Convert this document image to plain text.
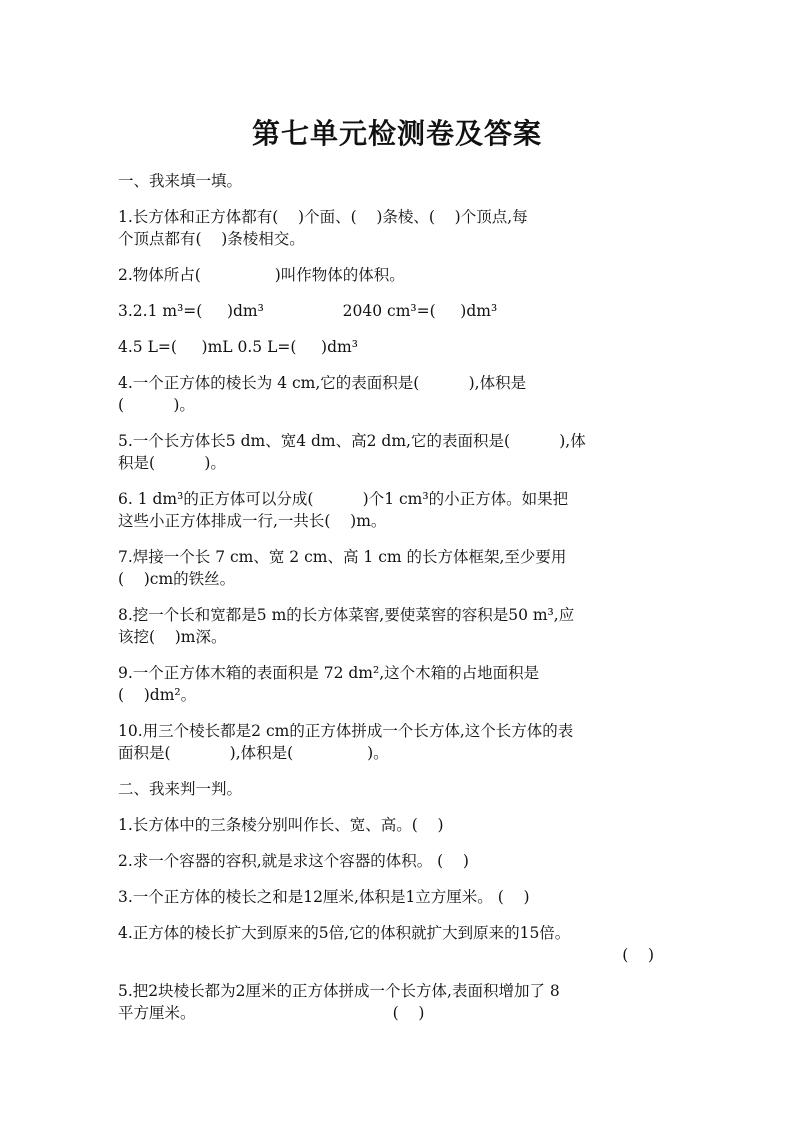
第七单元检测卷及答案

一、我来填一填。

1.长方体和正方体都有(    )个面、(    )条棱、(    )个顶点,每

个顶点都有(    )条棱相交。

2.物体所占(               )叫作物体的体积。

3.2.1 m³=(     )dm³                2040 cm³=(     )dm³

4.5 L=(     )mL 0.5 L=(     )dm³

4.一个正方体的棱长为 4 cm,它的表面积是(          ),体积是

(          )。

5.一个长方体长5 dm、宽4 dm、高2 dm,它的表面积是(          ),体

积是(          )。

6. 1 dm³的正方体可以分成(          )个1 cm³的小正方体。如果把

这些小正方体排成一行,一共长(    )m。

7.焊接一个长 7 cm、宽 2 cm、高 1 cm 的长方体框架,至少要用

(    )cm的铁丝。

8.挖一个长和宽都是5 m的长方体菜窖,要使菜窖的容积是50 m³,应

该挖(    )m深。

9.一个正方体木箱的表面积是 72 dm²,这个木箱的占地面积是

(    )dm²。

10.用三个棱长都是2 cm的正方体拼成一个长方体,这个长方体的表

面积是(            ),体积是(               )。

二、我来判一判。

1.长方体中的三条棱分别叫作长、宽、高。(    )

2.求一个容器的容积,就是求这个容器的体积。 (    )

3.一个正方体的棱长之和是12厘米,体积是1立方厘米。 (    )

4.正方体的棱长扩大到原来的5倍,它的体积就扩大到原来的15倍。

(    )

5.把2块棱长都为2厘米的正方体拼成一个长方体,表面积增加了 8

平方厘米。                                        (    )
